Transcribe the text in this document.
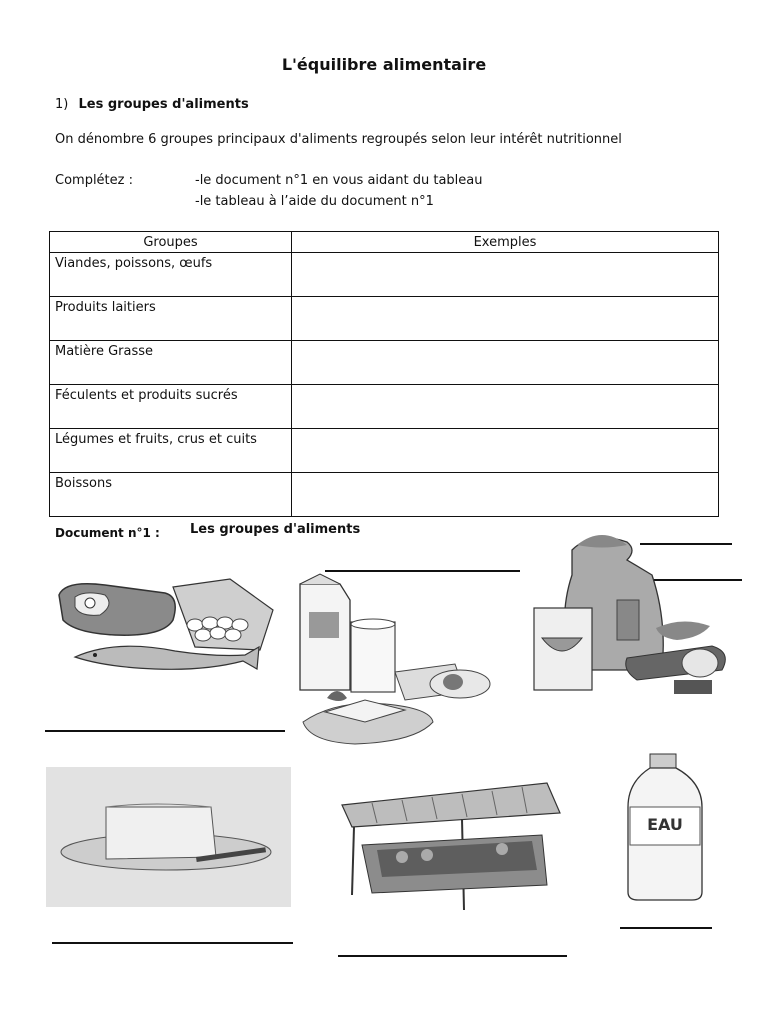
L'équilibre alimentaire
1) Les groupes d'aliments
On dénombre 6 groupes principaux d'aliments regroupés selon leur intérêt nutritionnel
Complétez :	-le document n°1 en vous aidant du tableau
-le tableau à l’aide du document n°1
Groupes	Exemples
Viandes, poissons, œufs	
Produits laitiers	
Matière Grasse	
Féculents et produits sucrés	
Légumes et fruits, crus et cuits	
Boissons	
Document n°1 : Les groupes d'aliments
EAU
